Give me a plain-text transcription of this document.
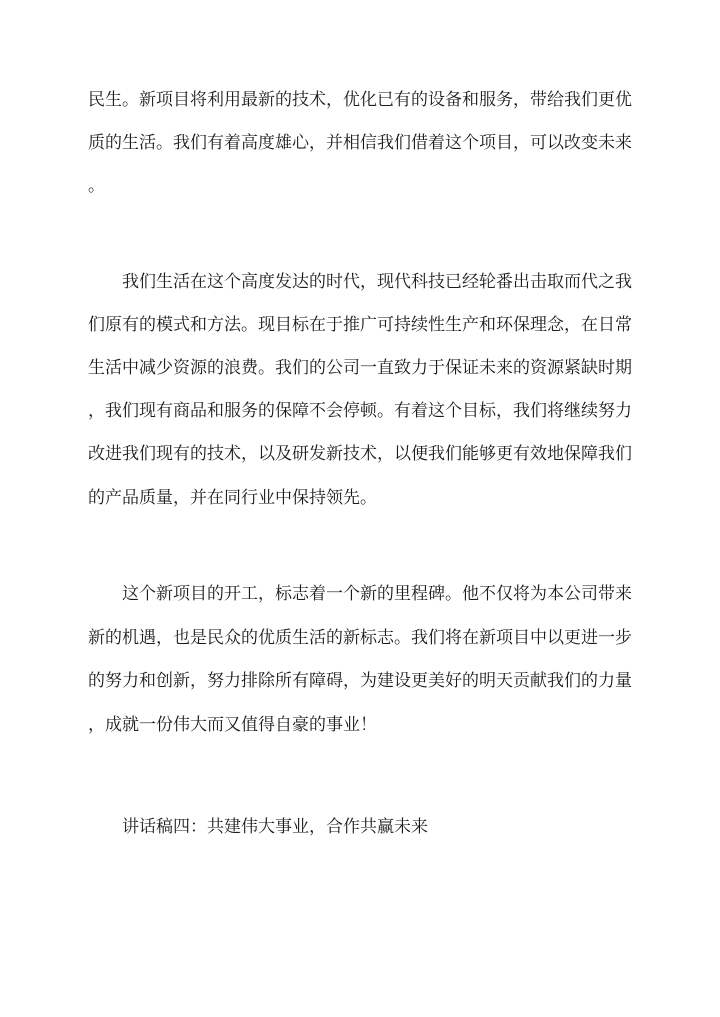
民生。新项目将利用最新的技术，优化已有的设备和服务，带给我们更优
质的生活。我们有着高度雄心，并相信我们借着这个项目，可以改变未来
。
我们生活在这个高度发达的时代，现代科技已经轮番出击取而代之我
们原有的模式和方法。现目标在于推广可持续性生产和环保理念，在日常
生活中减少资源的浪费。我们的公司一直致力于保证未来的资源紧缺时期
，我们现有商品和服务的保障不会停顿。有着这个目标，我们将继续努力
改进我们现有的技术，以及研发新技术，以便我们能够更有效地保障我们
的产品质量，并在同行业中保持领先。
这个新项目的开工，标志着一个新的里程碑。他不仅将为本公司带来
新的机遇，也是民众的优质生活的新标志。我们将在新项目中以更进一步
的努力和创新，努力排除所有障碍，为建设更美好的明天贡献我们的力量
，成就一份伟大而又值得自豪的事业！
讲话稿四：共建伟大事业，合作共赢未来
